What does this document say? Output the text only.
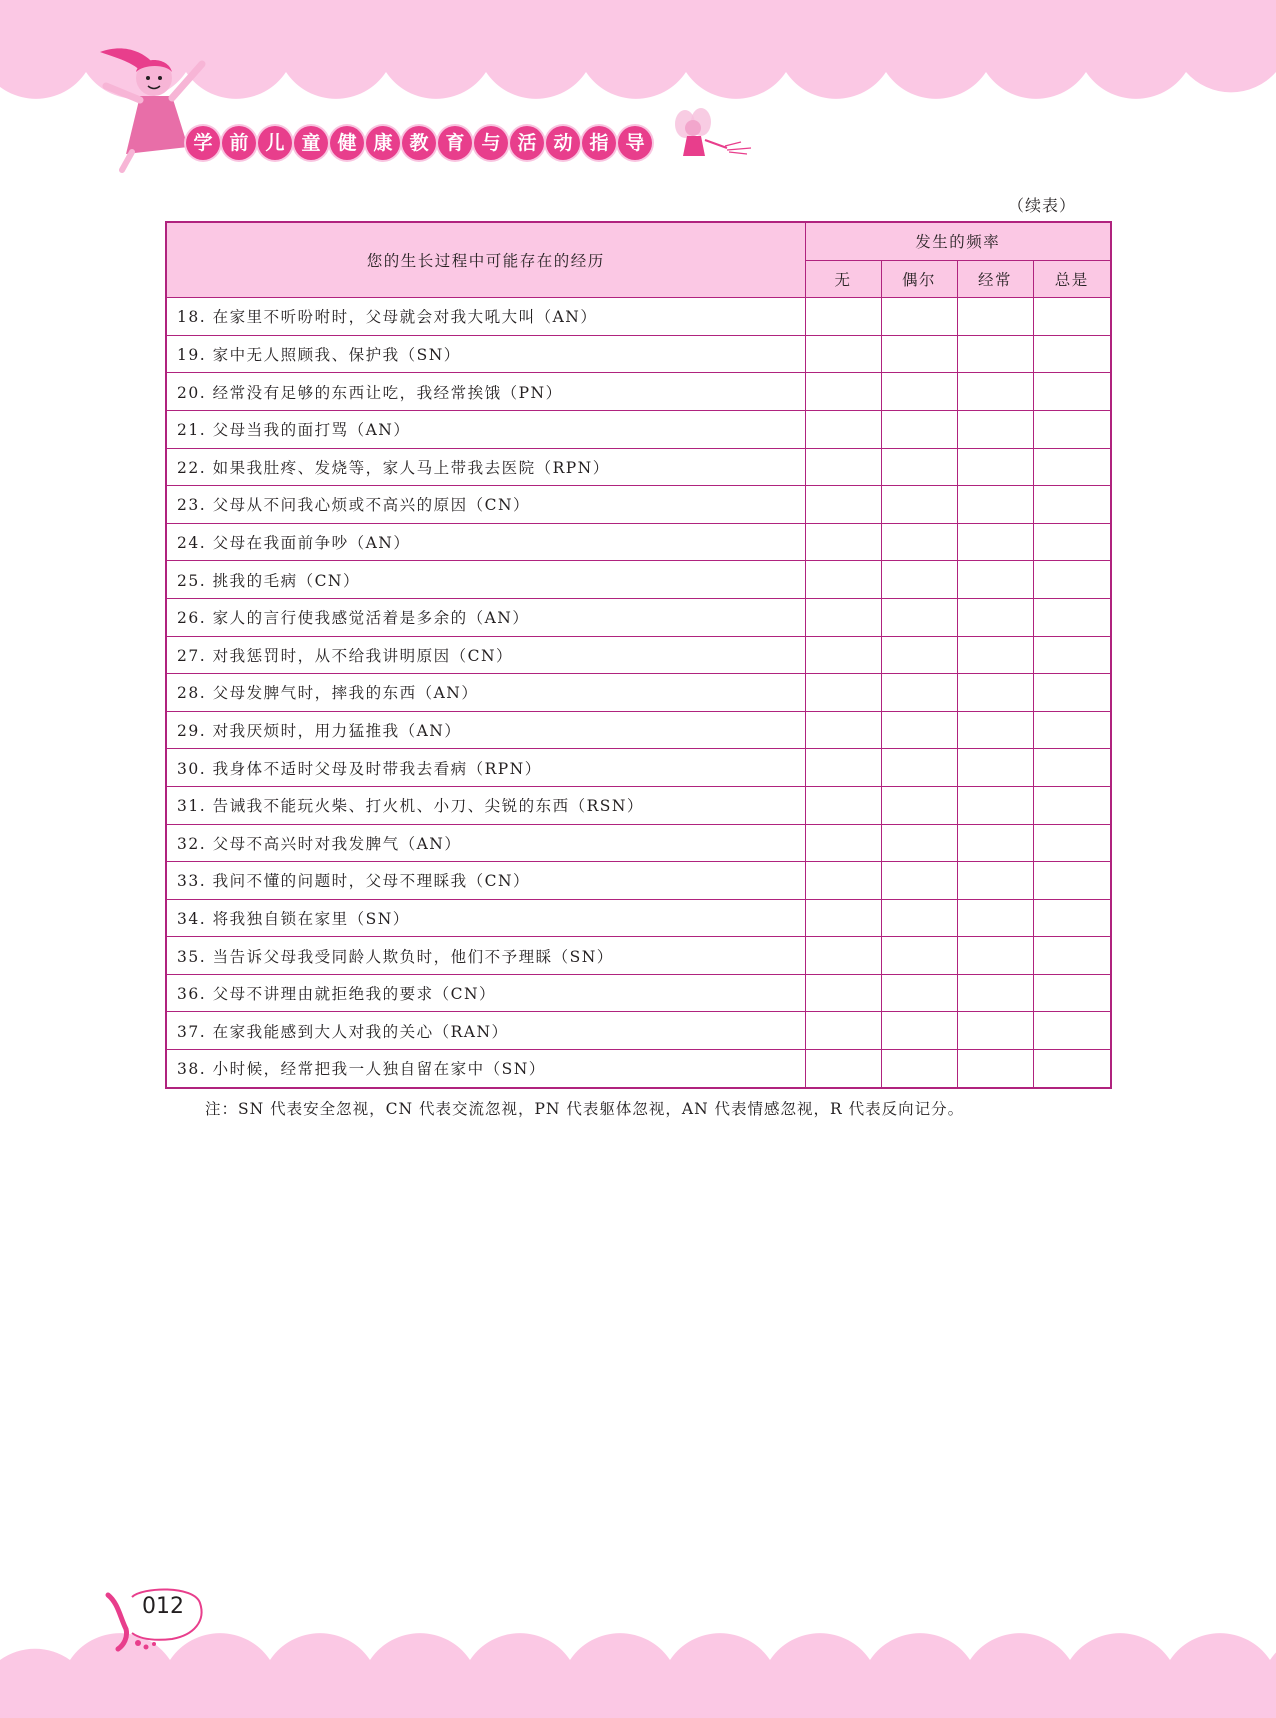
学 前 儿 童 健 康 教 育 与 活 动 指 导
（续表）
您的生长过程中可能存在的经历	发生的频率			
	无	偶尔	经常	总是
18. 在家里不听吩咐时，父母就会对我大吼大叫（AN）				
19. 家中无人照顾我、保护我（SN）				
20. 经常没有足够的东西让吃，我经常挨饿（PN）				
21. 父母当我的面打骂（AN）				
22. 如果我肚疼、发烧等，家人马上带我去医院（RPN）				
23. 父母从不问我心烦或不高兴的原因（CN）				
24. 父母在我面前争吵（AN）				
25. 挑我的毛病（CN）				
26. 家人的言行使我感觉活着是多余的（AN）				
27. 对我惩罚时，从不给我讲明原因（CN）				
28. 父母发脾气时，摔我的东西（AN）				
29. 对我厌烦时，用力猛推我（AN）				
30. 我身体不适时父母及时带我去看病（RPN）				
31. 告诫我不能玩火柴、打火机、小刀、尖锐的东西（RSN）				
32. 父母不高兴时对我发脾气（AN）				
33. 我问不懂的问题时，父母不理睬我（CN）				
34. 将我独自锁在家里（SN）				
35. 当告诉父母我受同龄人欺负时，他们不予理睬（SN）				
36. 父母不讲理由就拒绝我的要求（CN）				
37. 在家我能感到大人对我的关心（RAN）				
38. 小时候，经常把我一人独自留在家中（SN）				
注：SN 代表安全忽视，CN 代表交流忽视，PN 代表躯体忽视，AN 代表情感忽视，R 代表反向记分。
012
